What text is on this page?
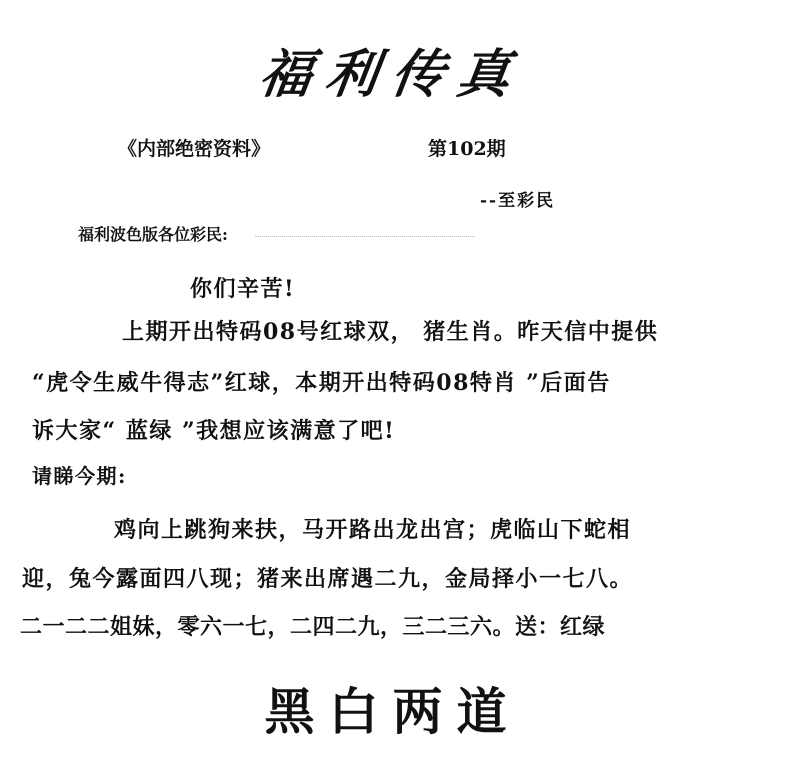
福利传真
《内部绝密资料》	第102期
--至彩民
福利波色版各位彩民:
你们辛苦!
上期开出特码08号红球双， 猪生肖。昨天信中提供
“虎令生威牛得志”红球，本期开出特码08特肖 ”后面告
诉大家“ 蓝绿 ”我想应该满意了吧!
请睇今期:
鸡向上跳狗来扶，马开路出龙出宫；虎临山下蛇相
迎，兔今露面四八现；猪来出席遇二九，金局择小一七八。
二一二二姐妹，零六一七，二四二九，三二三六。送：红绿
黑白两道
